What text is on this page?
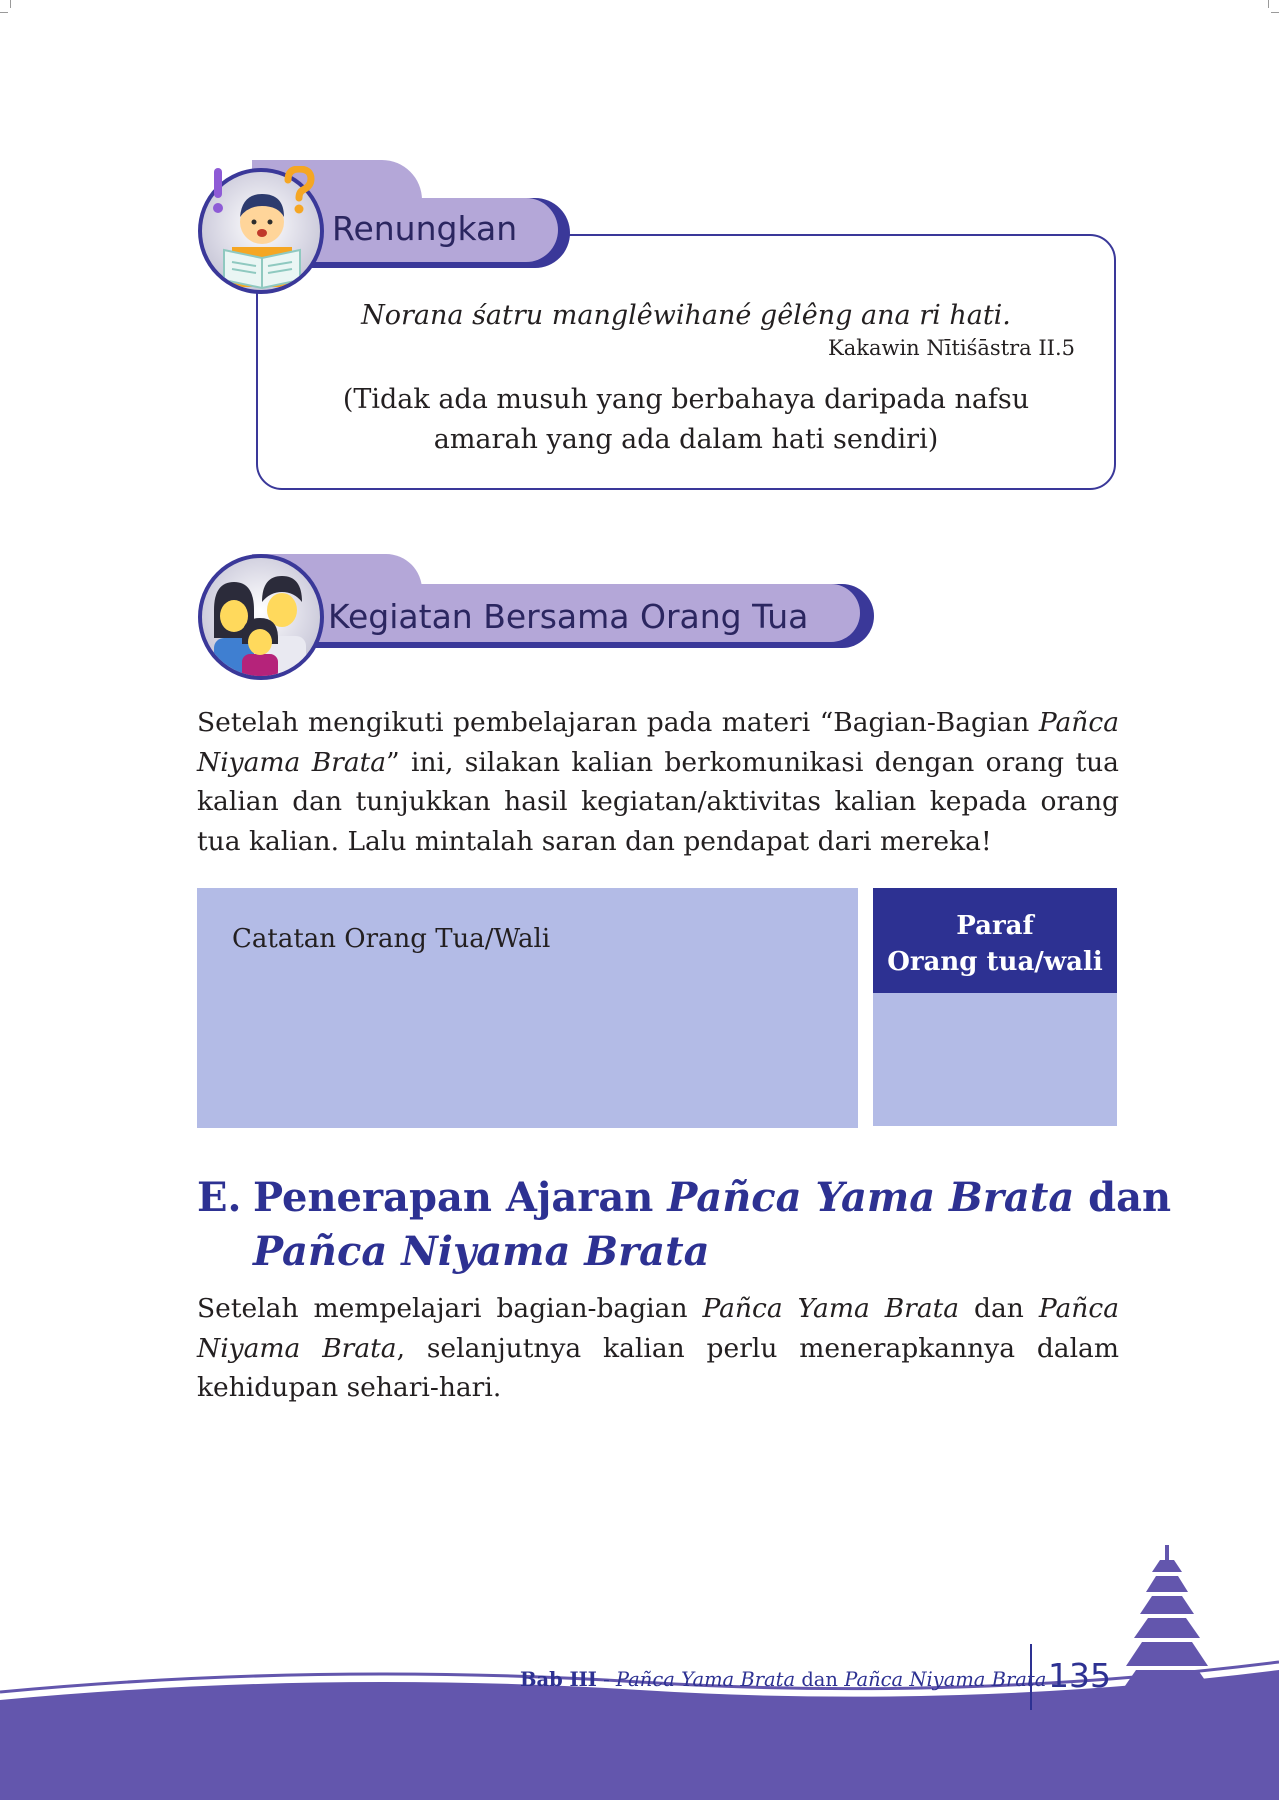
Renungkan
Norana śatru manglêwihané gêlêng ana ri hati.
Kakawin Nītiśāstra II.5
(Tidak ada musuh yang berbahaya daripada nafsu
amarah yang ada dalam hati sendiri)
Kegiatan Bersama Orang Tua
Setelah mengikuti pembelajaran pada materi “Bagian-Bagian Pañca Niyama Brata” ini, silakan kalian berkomunikasi dengan orang tua kalian dan tunjukkan hasil kegiatan/aktivitas kalian kepada orang tua kalian. Lalu mintalah saran dan pendapat dari mereka!
Catatan Orang Tua/Wali	Paraf
Orang tua/wali
E. Penerapan Ajaran Pañca Yama Brata dan
Pañca Niyama Brata
Setelah mempelajari bagian-bagian Pañca Yama Brata dan Pañca Niyama Brata, selanjutnya kalian perlu menerapkannya dalam kehidupan sehari-hari.
Bab III - Pañca Yama Brata dan Pañca Niyama Brata 135
